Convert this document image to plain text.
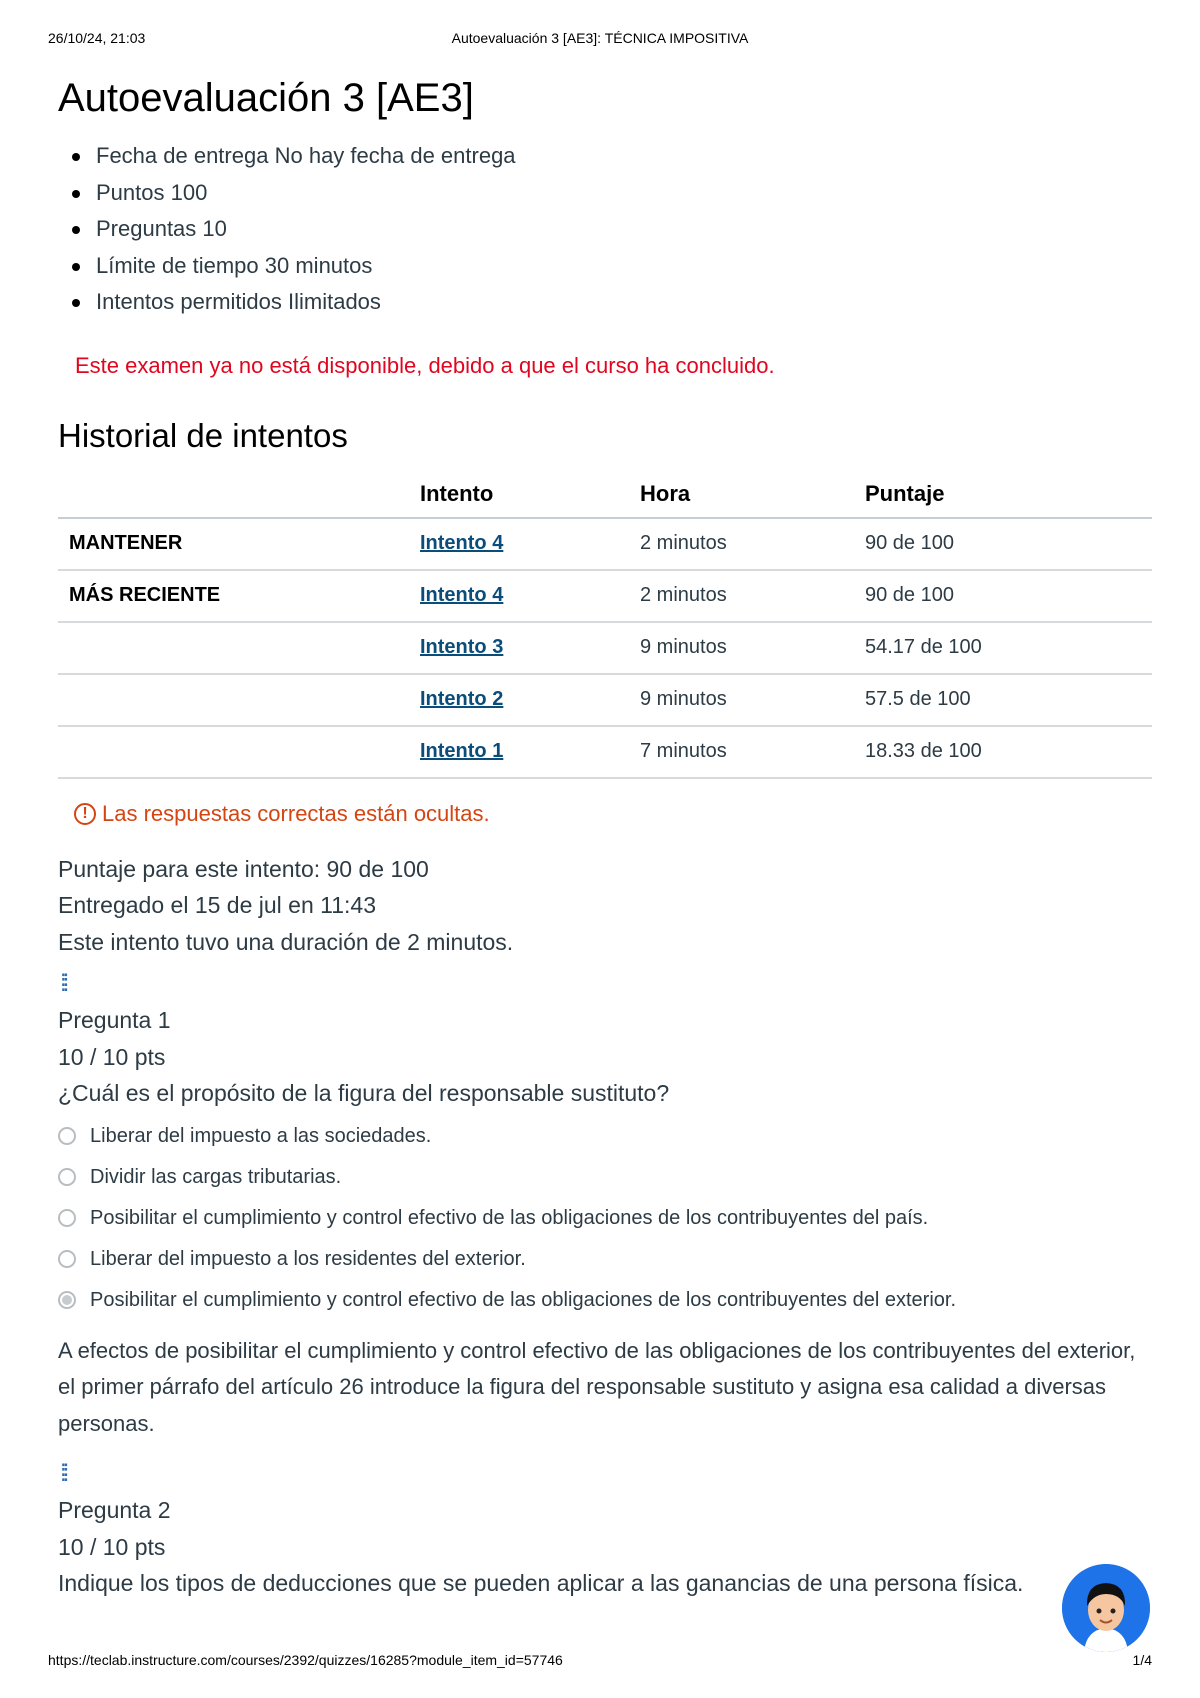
26/10/24, 21:03	Autoevaluación 3 [AE3]: TÉCNICA IMPOSITIVA
Autoevaluación 3 [AE3]
Fecha de entrega No hay fecha de entrega
Puntos 100
Preguntas 10
Límite de tiempo 30 minutos
Intentos permitidos Ilimitados
Este examen ya no está disponible, debido a que el curso ha concluido.
Historial de intentos
	Intento	Hora	Puntaje
MANTENER	Intento 4	2 minutos	90 de 100
MÁS RECIENTE	Intento 4	2 minutos	90 de 100
	Intento 3	9 minutos	54.17 de 100
	Intento 2	9 minutos	57.5 de 100
	Intento 1	7 minutos	18.33 de 100
! Las respuestas correctas están ocultas.
Puntaje para este intento: 90 de 100
Entregado el 15 de jul en 11:43
Este intento tuvo una duración de 2 minutos.
⁞⁞
Pregunta 1
10 / 10 pts
¿Cuál es el propósito de la figura del responsable sustituto?
Liberar del impuesto a las sociedades.
Dividir las cargas tributarias.
Posibilitar el cumplimiento y control efectivo de las obligaciones de los contribuyentes del país.
Liberar del impuesto a los residentes del exterior.
Posibilitar el cumplimiento y control efectivo de las obligaciones de los contribuyentes del exterior.
A efectos de posibilitar el cumplimiento y control efectivo de las obligaciones de los contribuyentes del exterior, el primer párrafo del artículo 26 introduce la figura del responsable sustituto y asigna esa calidad a diversas personas.
⁞⁞
Pregunta 2
10 / 10 pts
Indique los tipos de deducciones que se pueden aplicar a las ganancias de una persona física.
https://teclab.instructure.com/courses/2392/quizzes/16285?module_item_id=57746	1/4
